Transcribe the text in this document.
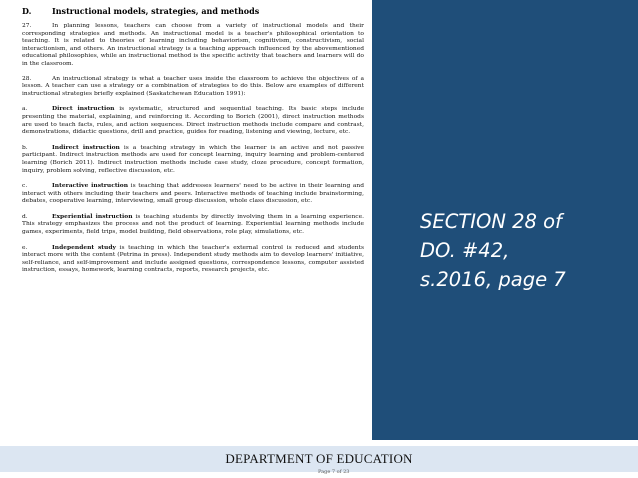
D.	Instructional models, strategies, and methods

27.	In planning lessons, teachers can choose from a variety of instructional models and their corresponding strategies and methods. An instructional model is a teacher's philosophical orientation to teaching. It is related to theories of learning including behaviorism, cognitivism, constructivism, social interactionism, and others. An instructional strategy is a teaching approach influenced by the abovementioned educational philosophies, while an instructional method is the specific activity that teachers and learners will do in the classroom.

28.	An instructional strategy is what a teacher uses inside the classroom to achieve the objectives of a lesson. A teacher can use a strategy or a combination of strategies to do this. Below are examples of different instructional strategies briefly explained (Saskatchewan Education 1991):

a.	Direct instruction is systematic, structured and sequential teaching. Its basic steps include presenting the material, explaining, and reinforcing it. According to Borich (2001), direct instruction methods are used to teach facts, rules, and action sequences. Direct instruction methods include compare and contrast, demonstrations, didactic questions, drill and practice, guides for reading, listening and viewing, lecture, etc.

b.	Indirect instruction is a teaching strategy in which the learner is an active and not passive participant. Indirect instruction methods are used for concept learning, inquiry learning and problem-centered learning (Borich 2011). Indirect instruction methods include case study, cloze procedure, concept formation, inquiry, problem solving, reflective discussion, etc.

c.	Interactive instruction is teaching that addresses learners' need to be active in their learning and interact with others including their teachers and peers. Interactive methods of teaching include brainstorming, debates, cooperative learning, interviewing, small group discussion, whole class discussion, etc.

d.	Experiential instruction is teaching students by directly involving them in a learning experience. This strategy emphasizes the process and not the product of learning. Experiential learning methods include games, experiments, field trips, model building, field observations, role play, simulations, etc.

e.	Independent study is teaching in which the teacher's external control is reduced and students interact more with the content (Petrina in press). Independent study methods aim to develop learners' initiative, self-reliance, and self-improvement and include assigned questions, correspondence lessons, computer assisted instruction, essays, homework, learning contracts, reports, research projects, etc.

SECTION 28 of
DO. #42,
s.2016, page 7
DEPARTMENT OF EDUCATION
Page 7 of 23
